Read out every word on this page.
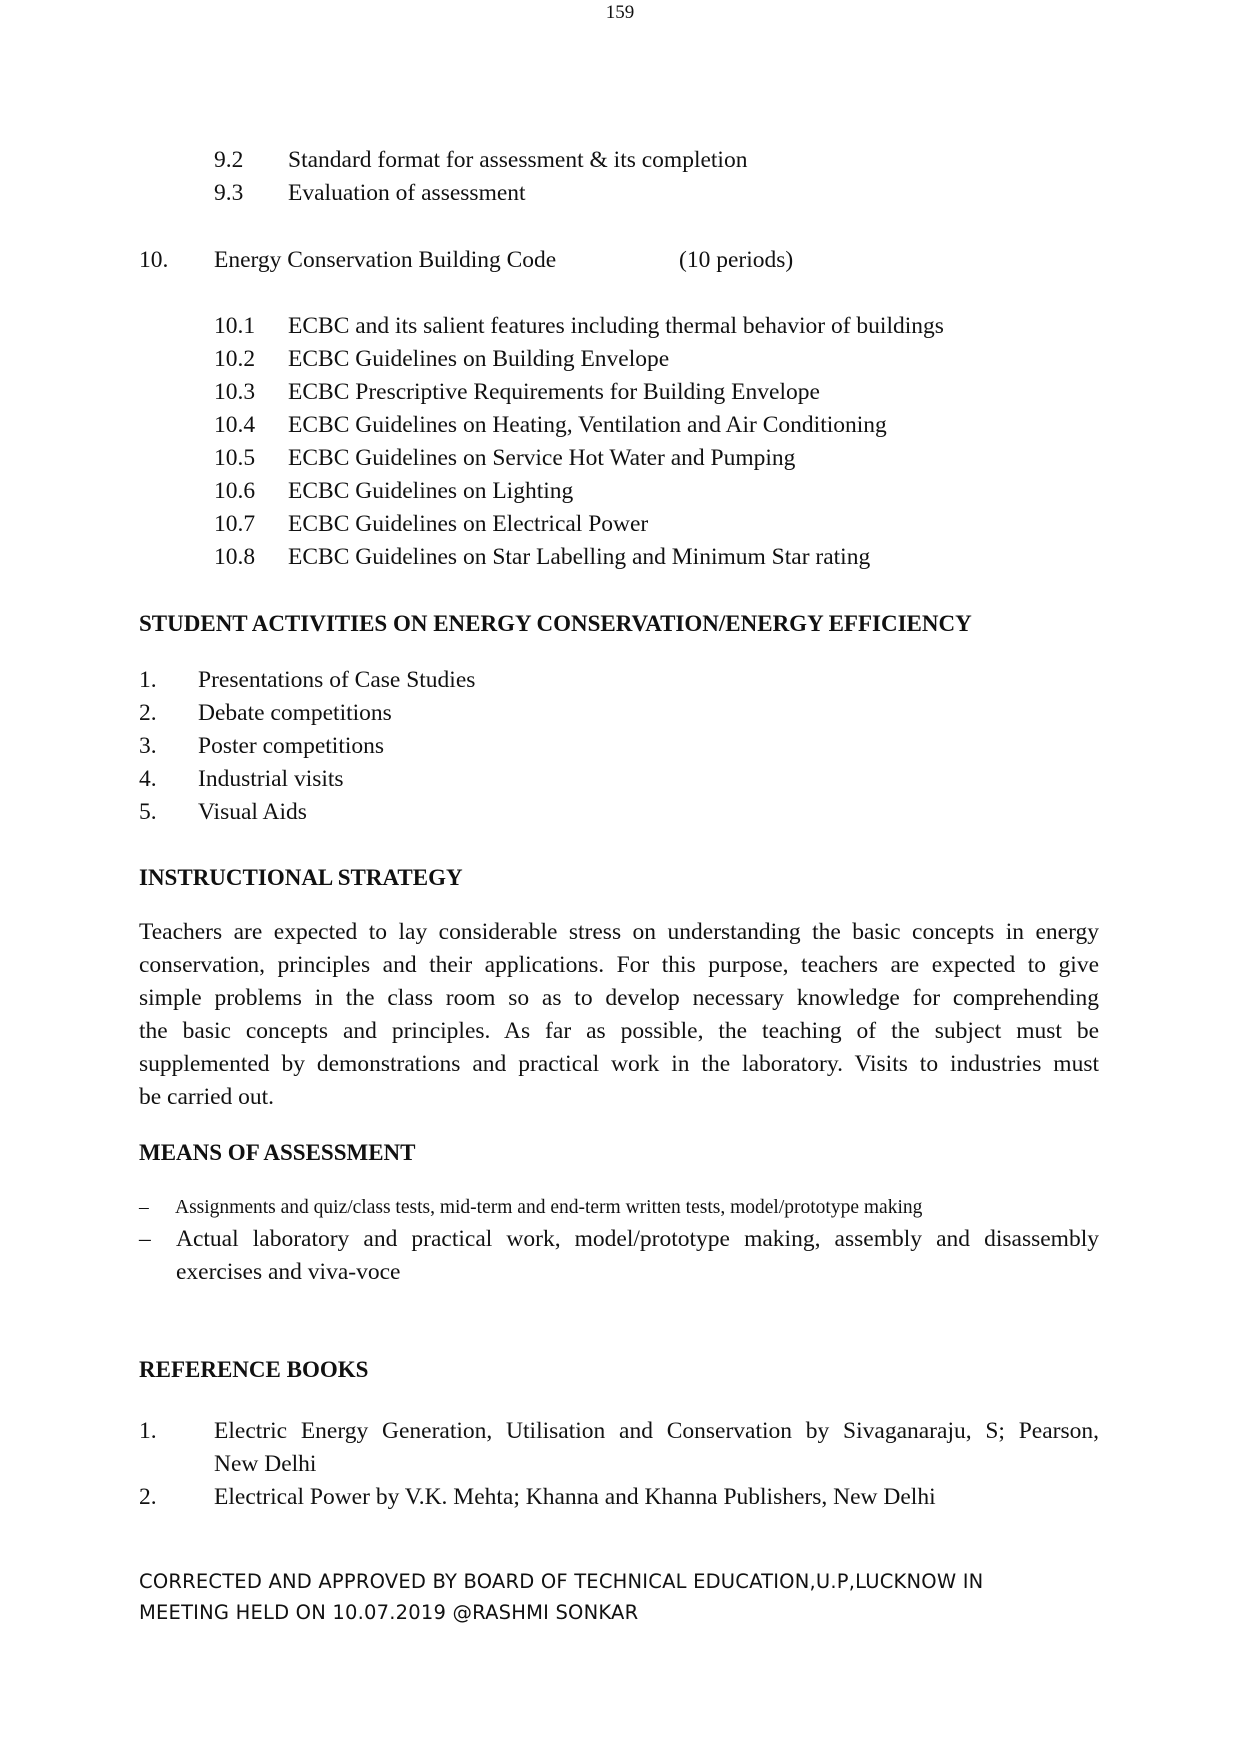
159
9.2 Standard format for assessment & its completion
9.3 Evaluation of assessment
10. Energy Conservation Building Code	(10 periods)
10.1 ECBC and its salient features including thermal behavior of buildings
10.2 ECBC Guidelines on Building Envelope
10.3 ECBC Prescriptive Requirements for Building Envelope
10.4 ECBC Guidelines on Heating, Ventilation and Air Conditioning
10.5 ECBC Guidelines on Service Hot Water and Pumping
10.6 ECBC Guidelines on Lighting
10.7 ECBC Guidelines on Electrical Power
10.8 ECBC Guidelines on Star Labelling and Minimum Star rating
STUDENT ACTIVITIES ON ENERGY CONSERVATION/ENERGY EFFICIENCY
1. Presentations of Case Studies
2. Debate competitions
3. Poster competitions
4. Industrial visits
5. Visual Aids
INSTRUCTIONAL STRATEGY
Teachers are expected to lay considerable stress on understanding the basic concepts in energy
conservation, principles and their applications. For this purpose, teachers are expected to give
simple problems in the class room so as to develop necessary knowledge for comprehending
the basic concepts and principles. As far as possible, the teaching of the subject must be
supplemented by demonstrations and practical work in the laboratory. Visits to industries must
be carried out.
MEANS OF ASSESSMENT
– Assignments and quiz/class tests, mid-term and end-term written tests, model/prototype making
– Actual laboratory and practical work, model/prototype making, assembly and disassembly
exercises and viva-voce
REFERENCE BOOKS
1. Electric Energy Generation, Utilisation and Conservation by Sivaganaraju, S; Pearson,
New Delhi
2. Electrical Power by V.K. Mehta; Khanna and Khanna Publishers, New Delhi
CORRECTED AND APPROVED BY BOARD OF TECHNICAL EDUCATION,U.P,LUCKNOW IN
MEETING HELD ON 10.07.2019 @RASHMI SONKAR
